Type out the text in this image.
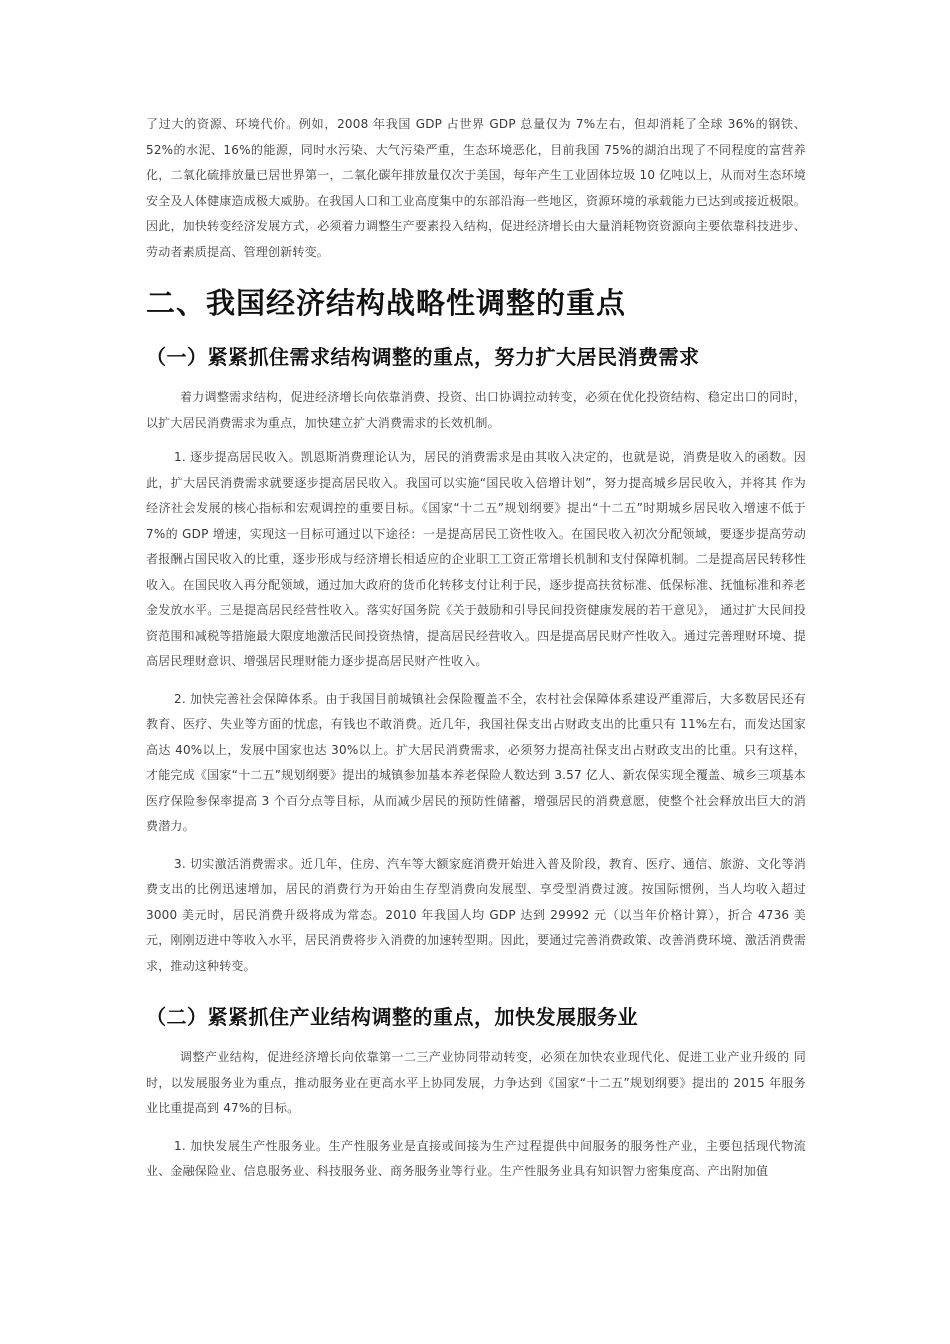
了过大的资源、环境代价。例如，2008 年我国 GDP 占世界 GDP 总量仅为 7%左右，但却消耗了全球 36%的钢铁、52%的水泥、16%的能源，同时水污染、大气污染严重，生态环境恶化，目前我国 75%的湖泊出现了不同程度的富营养化，二氧化硫排放量已居世界第一，二氧化碳年排放量仅次于美国，每年产生工业固体垃圾 10 亿吨以上，从而对生态环境安全及人体健康造成极大威胁。在我国人口和工业高度集中的东部沿海一些地区，资源环境的承载能力已达到或接近极限。因此，加快转变经济发展方式，必须着力调整生产要素投入结构，促进经济增长由大量消耗物资资源向主要依靠科技进步、劳动者素质提高、管理创新转变。

二、我国经济结构战略性调整的重点
（一）紧紧抓住需求结构调整的重点，努力扩大居民消费需求

着力调整需求结构，促进经济增长向依靠消费、投资、出口协调拉动转变，必须在优化投资结构、稳定出口的同时，以扩大居民消费需求为重点，加快建立扩大消费需求的长效机制。

1. 逐步提高居民收入。凯恩斯消费理论认为，居民的消费需求是由其收入决定的，也就是说，消费是收入的函数。因此，扩大居民消费需求就要逐步提高居民收入。我国可以实施“国民收入倍增计划”，努力提高城乡居民收入，并将其 作为经济社会发展的核心指标和宏观调控的重要目标。《国家“十二五”规划纲要》提出“十二五”时期城乡居民收入增速不低于 7%的 GDP 增速，实现这一目标可通过以下途径：一是提高居民工资性收入。在国民收入初次分配领域，要逐步提高劳动者报酬占国民收入的比重，逐步形成与经济增长相适应的企业职工工资正常增长机制和支付保障机制。二是提高居民转移性收入。在国民收入再分配领域，通过加大政府的货币化转移支付让利于民，逐步提高扶贫标准、低保标准、抚恤标准和养老金发放水平。三是提高居民经营性收入。落实好国务院《关于鼓励和引导民间投资健康发展的若干意见》， 通过扩大民间投资范围和减税等措施最大限度地激活民间投资热情，提高居民经营收入。四是提高居民财产性收入。通过完善理财环境、提高居民理财意识、增强居民理财能力逐步提高居民财产性收入。

2. 加快完善社会保障体系。由于我国目前城镇社会保险覆盖不全，农村社会保障体系建设严重滞后，大多数居民还有教育、医疗、失业等方面的忧虑，有钱也不敢消费。近几年，我国社保支出占财政支出的比重只有 11%左右，而发达国家高达 40%以上，发展中国家也达 30%以上。扩大居民消费需求，必须努力提高社保支出占财政支出的比重。只有这样，才能完成《国家“十二五”规划纲要》提出的城镇参加基本养老保险人数达到 3.57 亿人、新农保实现全覆盖、城乡三项基本医疗保险参保率提高 3 个百分点等目标，从而减少居民的预防性储蓄，增强居民的消费意愿，使整个社会释放出巨大的消费潜力。

3. 切实激活消费需求。近几年，住房、汽车等大额家庭消费开始进入普及阶段，教育、医疗、通信、旅游、文化等消费支出的比例迅速增加，居民的消费行为开始由生存型消费向发展型、享受型消费过渡。按国际惯例，当人均收入超过 3000 美元时，居民消费升级将成为常态。2010 年我国人均 GDP 达到 29992 元（以当年价格计算），折合 4736 美元，刚刚迈进中等收入水平，居民消费将步入消费的加速转型期。因此，要通过完善消费政策、改善消费环境、激活消费需求，推动这种转变。

（二）紧紧抓住产业结构调整的重点，加快发展服务业

调整产业结构，促进经济增长向依靠第一二三产业协同带动转变，必须在加快农业现代化、促进工业产业升级的 同时，以发展服务业为重点，推动服务业在更高水平上协同发展，力争达到《国家“十二五”规划纲要》提出的 2015 年服务业比重提高到 47%的目标。

1. 加快发展生产性服务业。生产性服务业是直接或间接为生产过程提供中间服务的服务性产业，主要包括现代物流业、金融保险业、信息服务业、科技服务业、商务服务业等行业。生产性服务业具有知识智力密集度高、产出附加值
